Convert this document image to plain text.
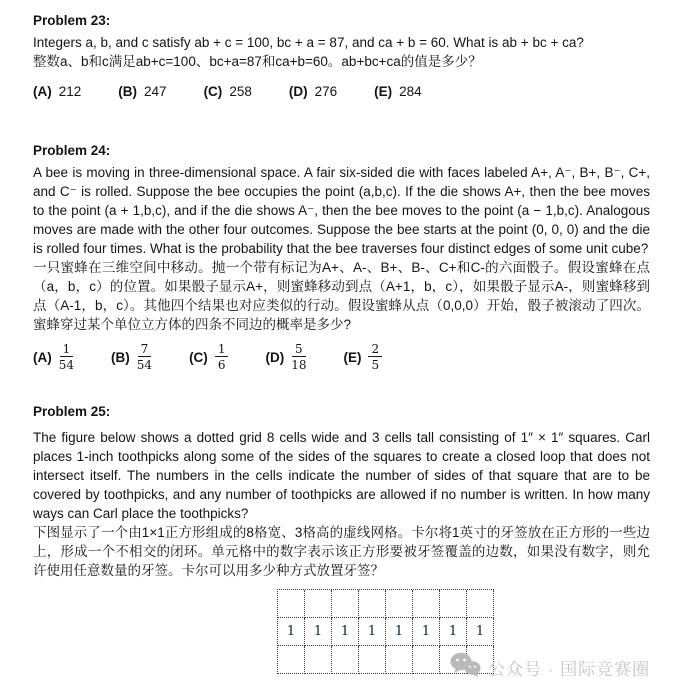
Problem 23:

Integers a, b, and c satisfy ab + c = 100, bc + a = 87, and ca + b = 60. What is ab + bc + ca?

整数a、b和c满足ab+c=100、bc+a=87和ca+b=60。ab+bc+ca的值是多少？

(A) 212	(B) 247	(C) 258	(D) 276	(E) 284
Problem 24:

A bee is moving in three-dimensional space. A fair six-sided die with faces labeled A+, A⁻, B+, B⁻, C+, and C⁻ is rolled. Suppose the bee occupies the point (a,b,c). If the die shows A+, then the bee moves to the point (a + 1,b,c), and if the die shows A⁻, then the bee moves to the point (a − 1,b,c). Analogous moves are made with the other four outcomes. Suppose the bee starts at the point (0, 0, 0) and the die is rolled four times. What is the probability that the bee traverses four distinct edges of some unit cube?

一只蜜蜂在三维空间中移动。抛一个带有标记为A+、A-、B+、B-、C+和C-的六面骰子。假设蜜蜂在点（a，b，c）的位置。如果骰子显示A+，则蜜蜂移动到点（A+1，b，c），如果骰子显示A-，则蜜蜂移到点（A-1，b，c）。其他四个结果也对应类似的行动。假设蜜蜂从点（0,0,0）开始，骰子被滚动了四次。蜜蜂穿过某个单位立方体的四条不同边的概率是多少?

$(A) \frac{1}{54}$	$(B) \frac{7}{54}$	$(C) \frac{1}{6}$	$(D) \frac{5}{18}$	$(E) \frac{2}{5}$
Problem 25:

The figure below shows a dotted grid 8 cells wide and 3 cells tall consisting of 1″ × 1″ squares. Carl places 1-inch toothpicks along some of the sides of the squares to create a closed loop that does not intersect itself. The numbers in the cells indicate the number of sides of that square that are to be covered by toothpicks, and any number of toothpicks are allowed if no number is written. In how many ways can Carl place the toothpicks?

下图显示了一个由1×1正方形组成的8格宽、3格高的虚线网格。卡尔将1英寸的牙签放在正方形的一些边上，形成一个不相交的闭环。单元格中的数字表示该正方形要被牙签覆盖的边数，如果没有数字，则允许使用任意数量的牙签。卡尔可以用多少种方式放置牙签？

1	1	1	1	1	1	1	1
公众号 · 国际竞赛圈
